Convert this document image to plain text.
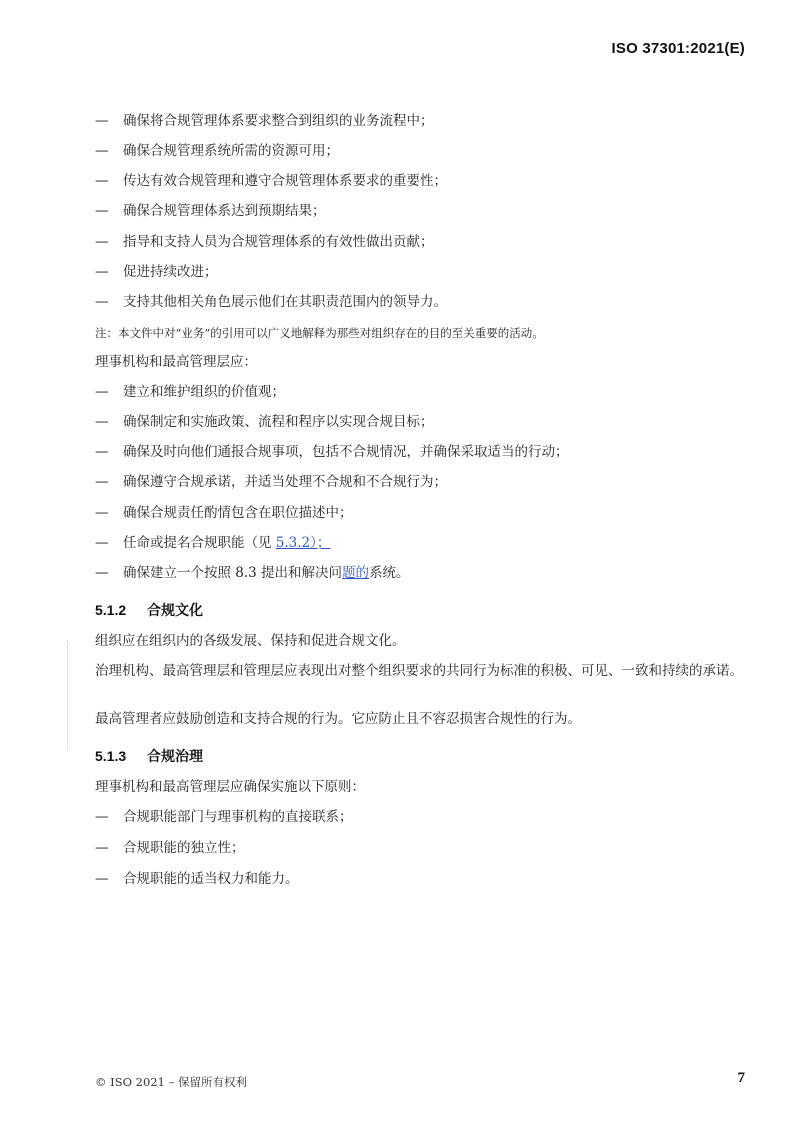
ISO 37301:2021(E)
— 确保将合规管理体系要求整合到组织的业务流程中；
— 确保合规管理系统所需的资源可用；
— 传达有效合规管理和遵守合规管理体系要求的重要性；
— 确保合规管理体系达到预期结果；
— 指导和支持人员为合规管理体系的有效性做出贡献；
— 促进持续改进；
— 支持其他相关角色展示他们在其职责范围内的领导力。
注：本文件中对“业务”的引用可以广义地解释为那些对组织存在的目的至关重要的活动。
理事机构和最高管理层应：
— 建立和维护组织的价值观；
— 确保制定和实施政策、流程和程序以实现合规目标；
— 确保及时向他们通报合规事项，包括不合规情况，并确保采取适当的行动；
— 确保遵守合规承诺，并适当处理不合规和不合规行为；
— 确保合规责任酌情包含在职位描述中；
— 任命或提名合规职能（见 5.3.2）；
— 确保建立一个按照 8.3 提出和解决问题的系统。
5.1.2 合规文化
组织应在组织内的各级发展、保持和促进合规文化。
治理机构、最高管理层和管理层应表现出对整个组织要求的共同行为标准的积极、可见、一致和持续的承诺。
最高管理者应鼓励创造和支持合规的行为。它应防止且不容忍损害合规性的行为。
5.1.3 合规治理
理事机构和最高管理层应确保实施以下原则：
— 合规职能部门与理事机构的直接联系；
— 合规职能的独立性；
— 合规职能的适当权力和能力。
© ISO 2021 – 保留所有权利	7
